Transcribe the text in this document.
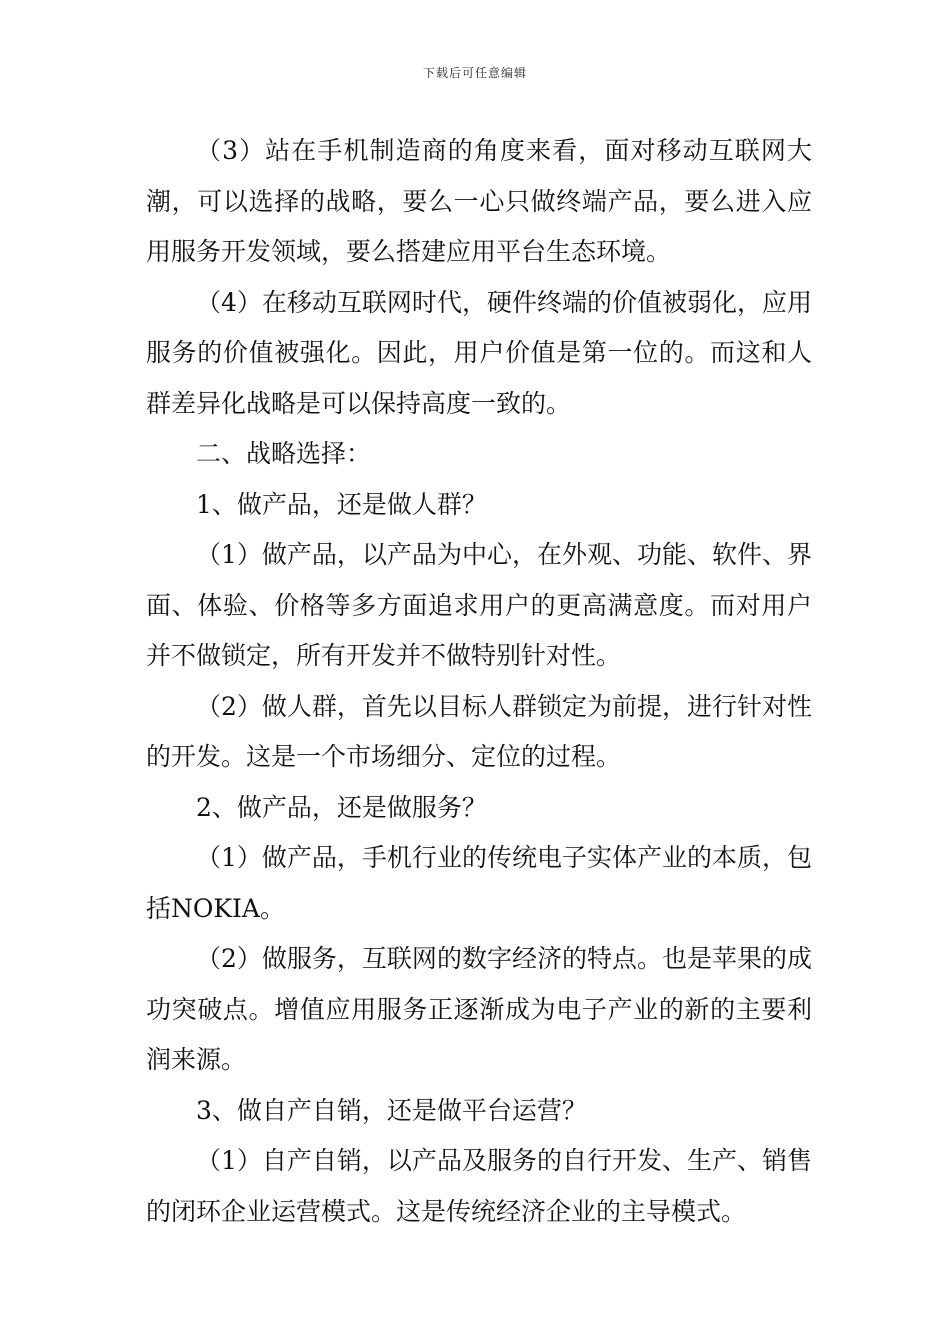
下载后可任意编辑

（3）站在手机制造商的角度来看，面对移动互联网大潮，可以选择的战略，要么一心只做终端产品，要么进入应用服务开发领域，要么搭建应用平台生态环境。

（4）在移动互联网时代，硬件终端的价值被弱化，应用服务的价值被强化。因此，用户价值是第一位的。而这和人群差异化战略是可以保持高度一致的。

二、战略选择：

1、做产品，还是做人群？

（1）做产品，以产品为中心，在外观、功能、软件、界面、体验、价格等多方面追求用户的更高满意度。而对用户并不做锁定，所有开发并不做特别针对性。

（2）做人群，首先以目标人群锁定为前提，进行针对性的开发。这是一个市场细分、定位的过程。

2、做产品，还是做服务？

（1）做产品，手机行业的传统电子实体产业的本质，包括NOKIA。

（2）做服务，互联网的数字经济的特点。也是苹果的成功突破点。增值应用服务正逐渐成为电子产业的新的主要利润来源。

3、做自产自销，还是做平台运营？

（1）自产自销，以产品及服务的自行开发、生产、销售的闭环企业运营模式。这是传统经济企业的主导模式。
